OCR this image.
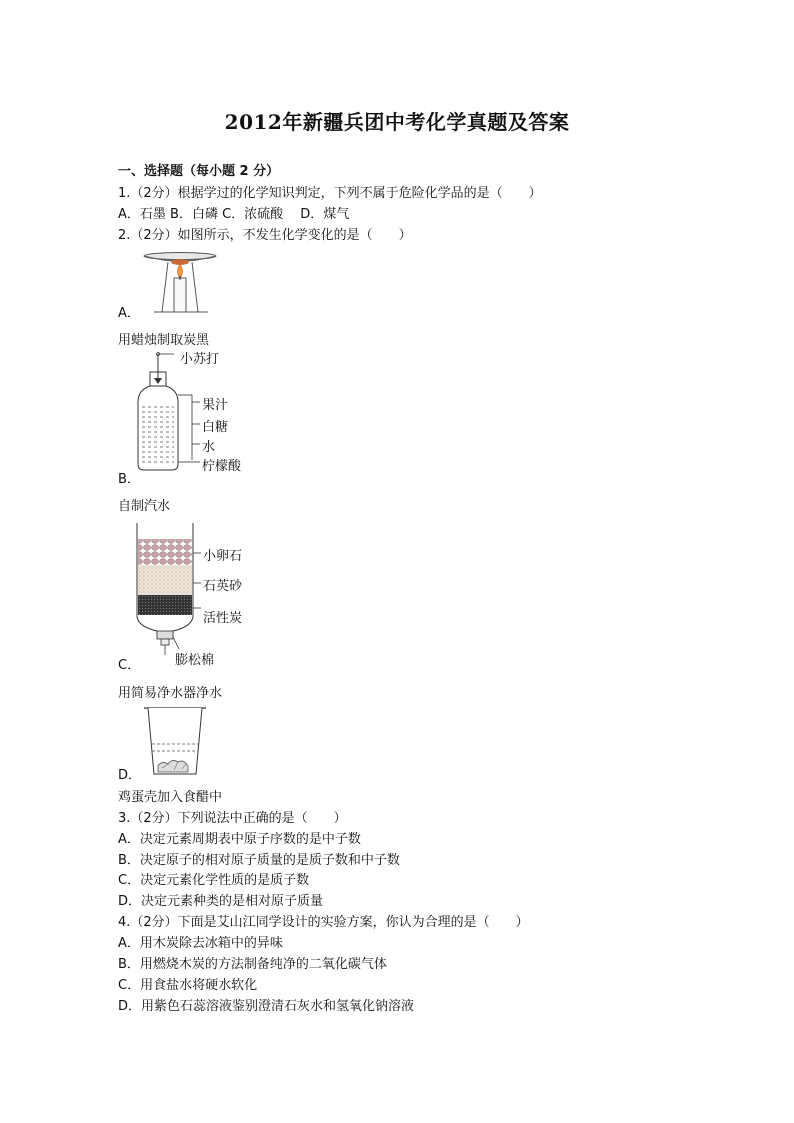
2012年新疆兵团中考化学真题及答案
一、选择题（每小题 2 分）
1.（2分）根据学过的化学知识判定，下列不属于危险化学品的是（　　）
A．石墨 B．白磷 C．浓硫酸　 D．煤气
2.（2分）如图所示，不发生化学变化的是（　　）
A．
用蜡烛制取炭黑
小苏打
果汁
白糖
水
柠檬酸
B．
自制汽水
小卵石
石英砂
活性炭
膨松棉
C．
用简易净水器净水
D．
鸡蛋壳加入食醋中
3.（2分）下列说法中正确的是（　　）
A．决定元素周期表中原子序数的是中子数
B．决定原子的相对原子质量的是质子数和中子数
C．决定元素化学性质的是质子数
D．决定元素种类的是相对原子质量
4.（2分）下面是艾山江同学设计的实验方案，你认为合理的是（　　）
A．用木炭除去冰箱中的异味
B．用燃烧木炭的方法制备纯净的二氧化碳气体
C．用食盐水将硬水软化
D．用紫色石蕊溶液鉴别澄清石灰水和氢氧化钠溶液
